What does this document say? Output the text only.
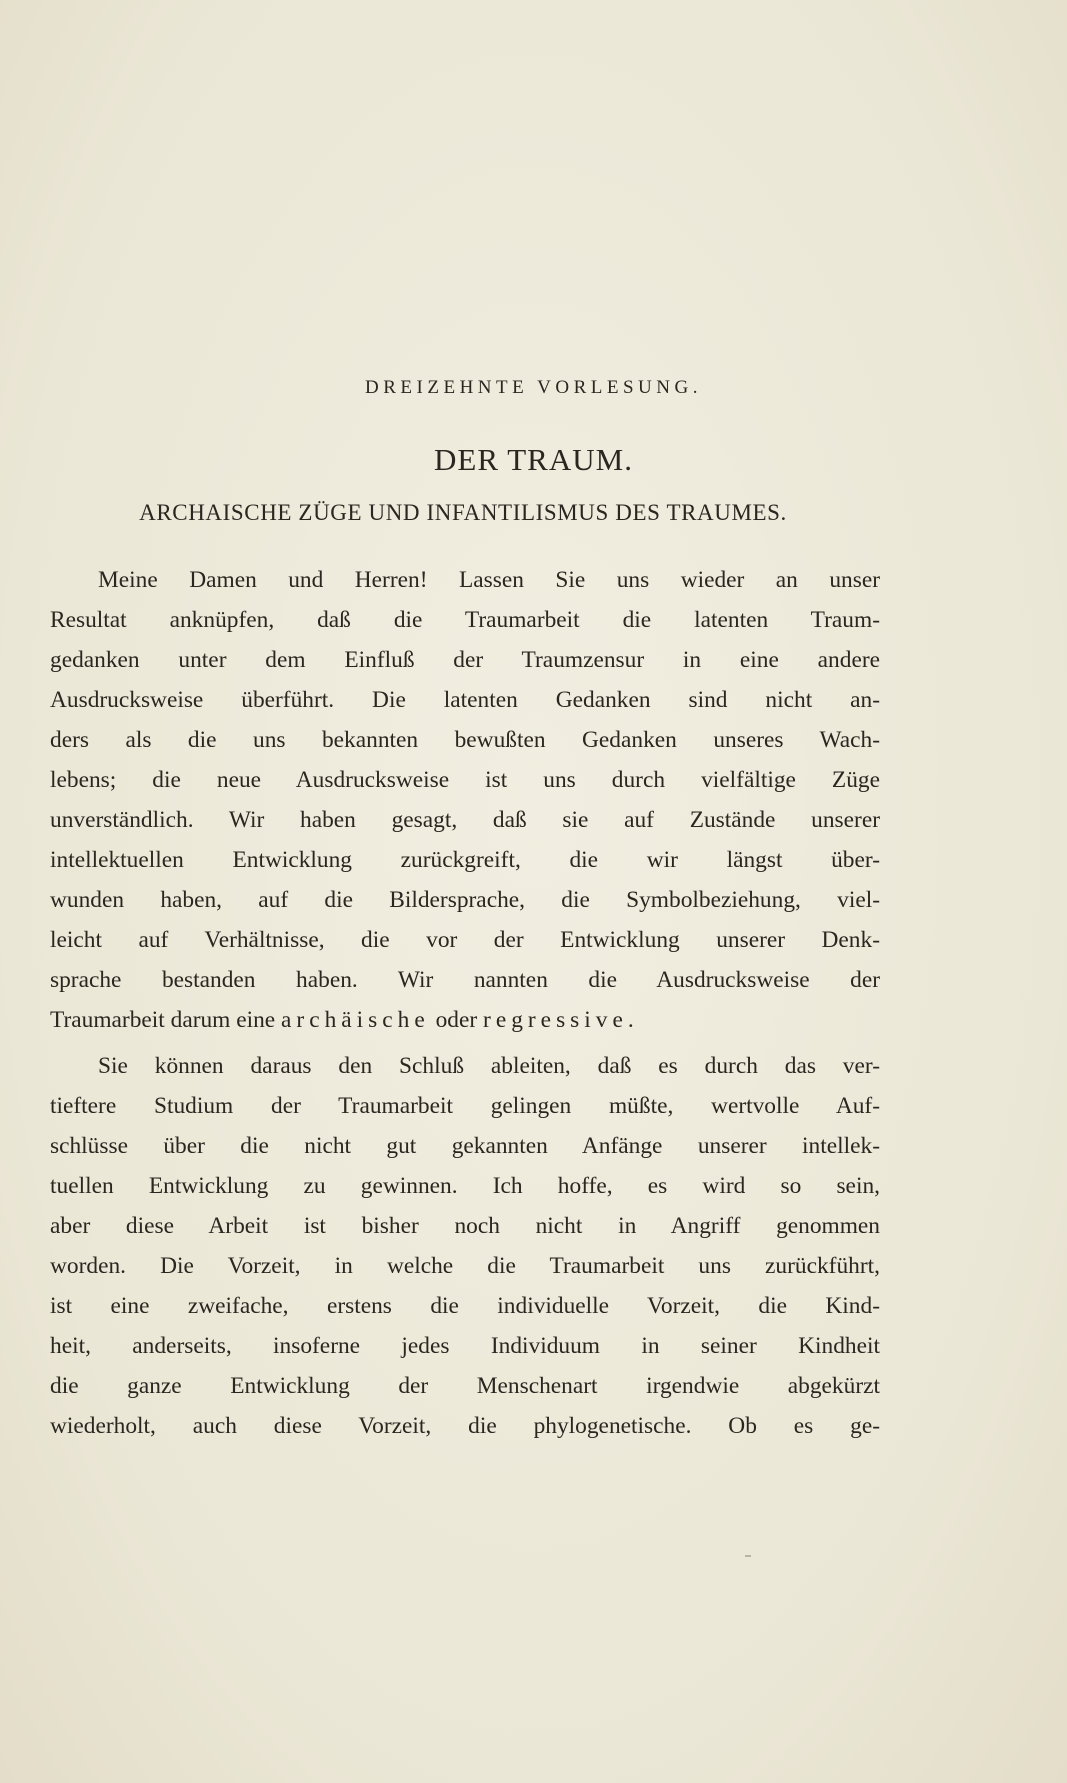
DREIZEHNTE VORLESUNG.
DER TRAUM.
ARCHAISCHE ZÜGE UND INFANTILISMUS DES TRAUMES.
Meine Damen und Herren! Lassen Sie uns wieder an unser
Resultat anknüpfen, daß die Traumarbeit die latenten Traum-
gedanken unter dem Einfluß der Traumzensur in eine andere
Ausdrucksweise überführt. Die latenten Gedanken sind nicht an-
ders als die uns bekannten bewußten Gedanken unseres Wach-
lebens; die neue Ausdrucksweise ist uns durch vielfältige Züge
unverständlich. Wir haben gesagt, daß sie auf Zustände unserer
intellektuellen Entwicklung zurückgreift, die wir längst über-
wunden haben, auf die Bildersprache, die Symbolbeziehung, viel-
leicht auf Verhältnisse, die vor der Entwicklung unserer Denk-
sprache bestanden haben. Wir nannten die Ausdrucksweise der
Traumarbeit darum eine archäische oder regressive.
Sie können daraus den Schluß ableiten, daß es durch das ver-
tieftere Studium der Traumarbeit gelingen müßte, wertvolle Auf-
schlüsse über die nicht gut gekannten Anfänge unserer intellek-
tuellen Entwicklung zu gewinnen. Ich hoffe, es wird so sein,
aber diese Arbeit ist bisher noch nicht in Angriff genommen
worden. Die Vorzeit, in welche die Traumarbeit uns zurückführt,
ist eine zweifache, erstens die individuelle Vorzeit, die Kind-
heit, anderseits, insoferne jedes Individuum in seiner Kindheit
die ganze Entwicklung der Menschenart irgendwie abgekürzt
wiederholt, auch diese Vorzeit, die phylogenetische. Ob es ge-
